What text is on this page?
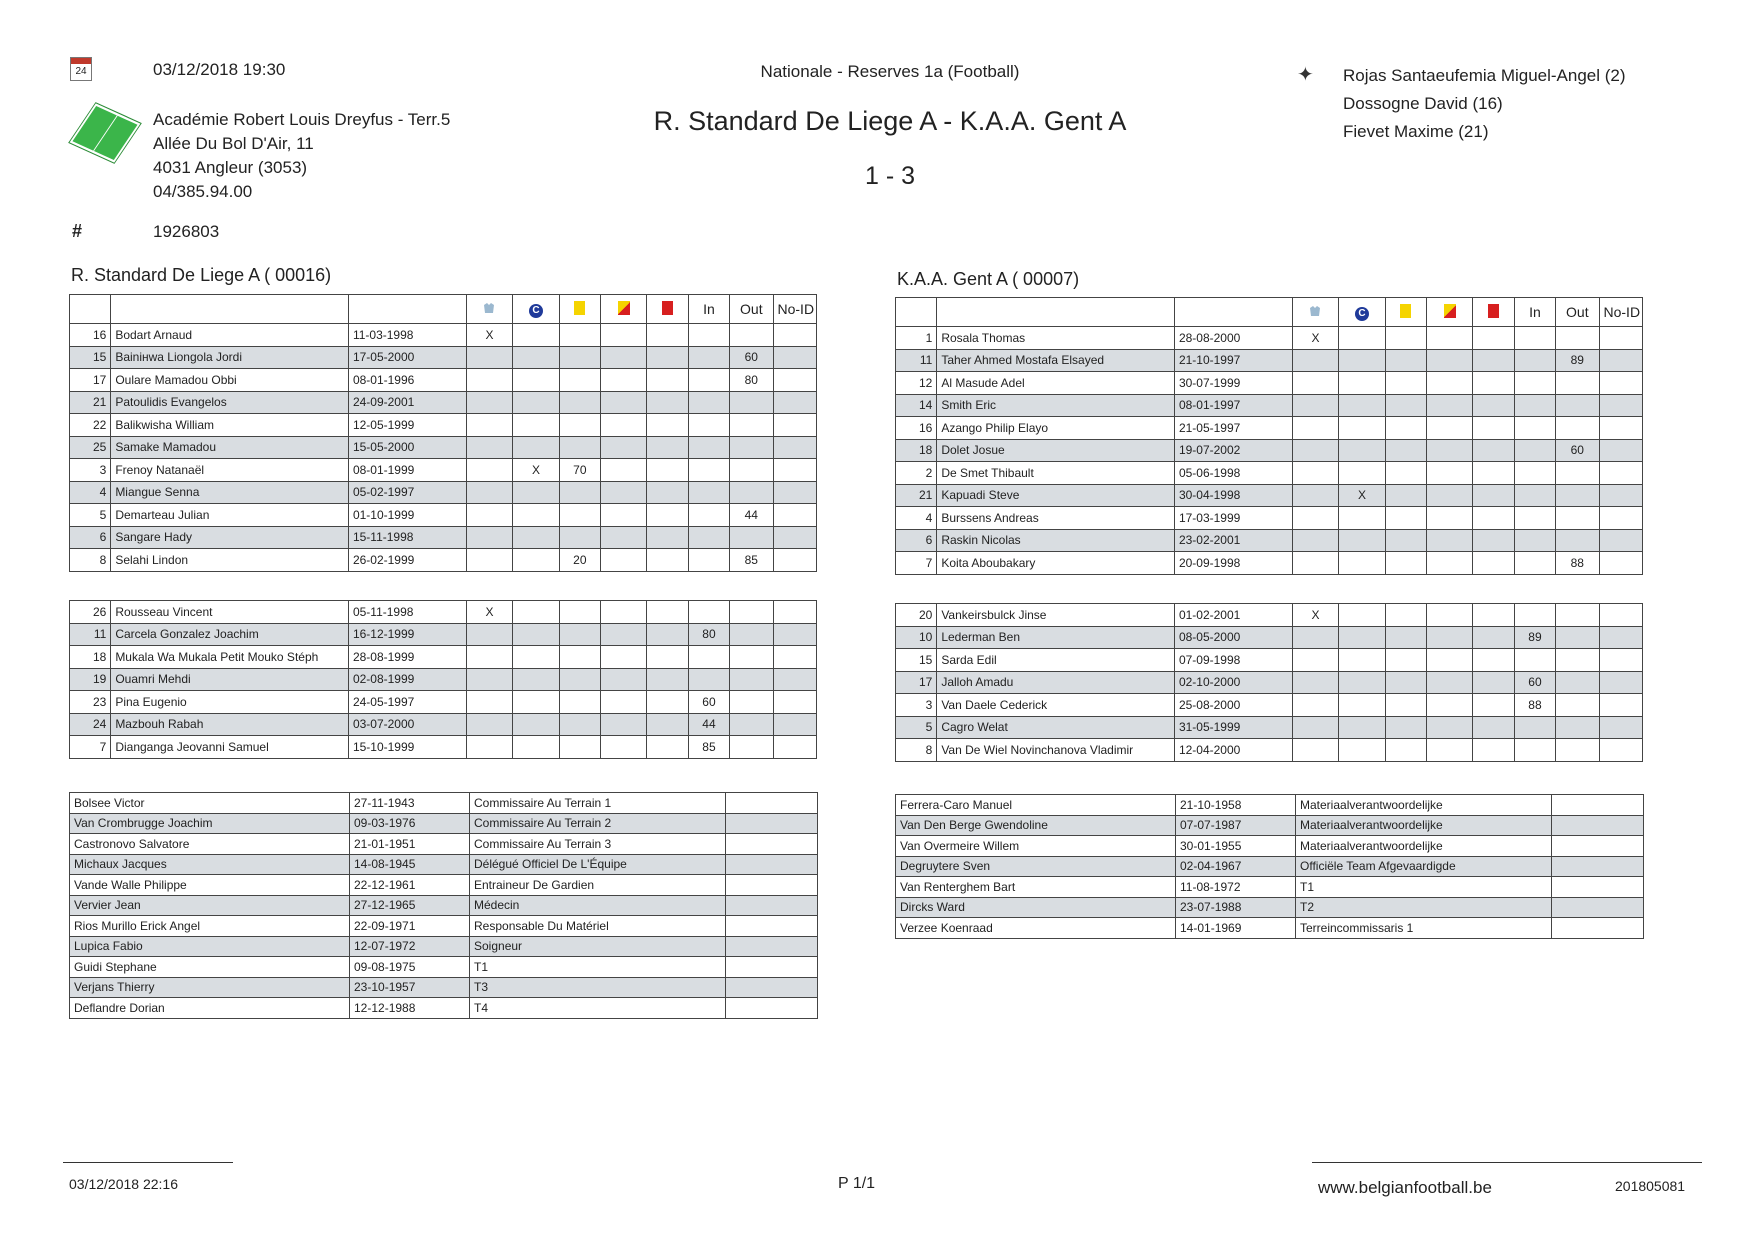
24	03/12/2018 19:30
Académie Robert Louis Dreyfus - Terr.5
Allée Du Bol D'Air, 11
4031 Angleur (3053)
04/385.94.00
#	1926803
Nationale - Reserves 1a (Football)
R. Standard De Liege A - K.A.A. Gent A
1 - 3
✦ Rojas Santaeufemia Miguel-Angel (2)
Dossogne David (16)
Fievet Maxime (21)
R. Standard De Liege A ( 00016)	K.A.A. Gent A ( 00007)
				C				In	Out	No-ID
16	Bodart Arnaud	11-03-1998	X							
15	Bainінwa Liongola Jordi	17-05-2000							60	
17	Oulare Mamadou Obbi	08-01-1996							80	
21	Patoulidis Evangelos	24-09-2001								
22	Balikwisha William	12-05-1999								
25	Samake Mamadou	15-05-2000								
3	Frenoy Natanaël	08-01-1999		X	70					
4	Miangue Senna	05-02-1997								
5	Demarteau Julian	01-10-1999							44	
6	Sangare Hady	15-11-1998								
8	Selahi Lindon	26-02-1999			20				85	
26	Rousseau Vincent	05-11-1998	X							
11	Carcela Gonzalez Joachim	16-12-1999						80		
18	Mukala Wa Mukala Petit Mouko Stéph	28-08-1999								
19	Ouamri Mehdi	02-08-1999								
23	Pina Eugenio	24-05-1997						60		
24	Mazbouh Rabah	03-07-2000						44		
7	Dianganga Jeovanni Samuel	15-10-1999						85		
Bolsee Victor	27-11-1943	Commissaire Au Terrain 1	
Van Crombrugge Joachim	09-03-1976	Commissaire Au Terrain 2	
Castronovo Salvatore	21-01-1951	Commissaire Au Terrain 3	
Michaux Jacques	14-08-1945	Délégué Officiel De L'Équipe	
Vande Walle Philippe	22-12-1961	Entraineur De Gardien	
Vervier Jean	27-12-1965	Médecin	
Rios Murillo Erick Angel	22-09-1971	Responsable Du Matériel	
Lupica Fabio	12-07-1972	Soigneur	
Guidi Stephane	09-08-1975	T1	
Verjans Thierry	23-10-1957	T3	
Deflandre Dorian	12-12-1988	T4	
				C				In	Out	No-ID
1	Rosala Thomas	28-08-2000	X							
11	Taher Ahmed Mostafa Elsayed	21-10-1997							89	
12	Al Masude Adel	30-07-1999								
14	Smith Eric	08-01-1997								
16	Azango Philip Elayo	21-05-1997								
18	Dolet Josue	19-07-2002							60	
2	De Smet Thibault	05-06-1998								
21	Kapuadi Steve	30-04-1998		X						
4	Burssens Andreas	17-03-1999								
6	Raskin Nicolas	23-02-2001								
7	Koita Aboubakary	20-09-1998							88	
20	Vankeirsbulck Jinse	01-02-2001	X							
10	Lederman Ben	08-05-2000						89		
15	Sarda Edil	07-09-1998								
17	Jalloh Amadu	02-10-2000						60		
3	Van Daele Cederick	25-08-2000						88		
5	Cagro Welat	31-05-1999								
8	Van De Wiel Novinchanova Vladimir	12-04-2000								
Ferrera-Caro Manuel	21-10-1958	Materiaalverantwoordelijke	
Van Den Berge Gwendoline	07-07-1987	Materiaalverantwoordelijke	
Van Overmeire Willem	30-01-1955	Materiaalverantwoordelijke	
Degruytere Sven	02-04-1967	Officiële Team Afgevaardigde	
Van Renterghem Bart	11-08-1972	T1	
Dircks Ward	23-07-1988	T2	
Verzee Koenraad	14-01-1969	Terreincommissaris 1	
03/12/2018 22:16	P 1/1	www.belgianfootball.be	201805081
